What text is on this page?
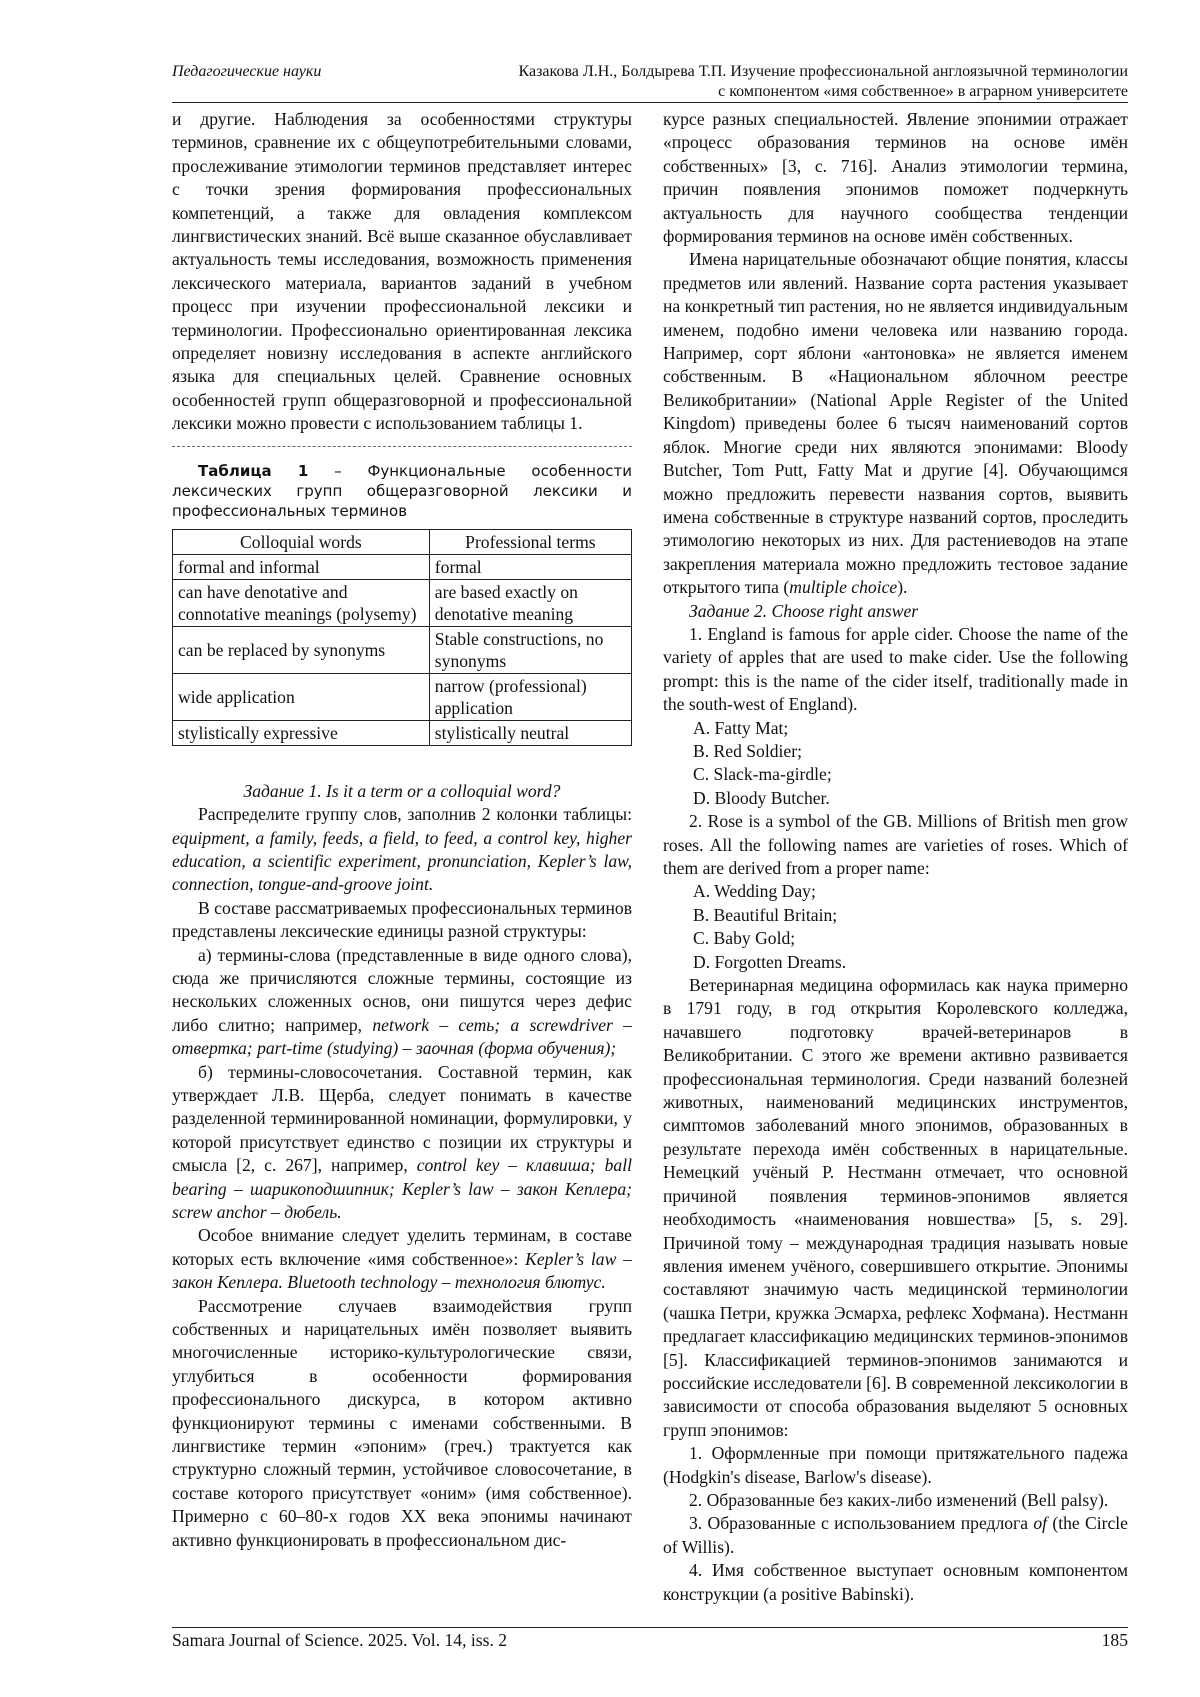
Педагогические науки	Казакова Л.Н., Болдырева Т.П. Изучение профессиональной англоязычной терминологии
с компонентом «имя собственное» в аграрном университете

и другие. Наблюдения за особенностями структуры терминов, сравнение их с общеупотребительными словами, прослеживание этимологии терминов представляет интерес с точки зрения формирования профессиональных компетенций, а также для овладения комплексом лингвистических знаний. Всё выше сказанное обуславливает актуальность темы исследования, возможность применения лексического материала, вариантов заданий в учебном процесс при изучении профессиональной лексики и терминологии. Профессионально ориентированная лексика определяет новизну исследования в аспекте английского языка для специальных целей. Сравнение основных особенностей групп общеразговорной и профессиональной лексики можно провести с использованием таблицы 1.

Таблица 1 – Функциональные особенности лексических групп общеразговорной лексики и профессиональных терминов

Colloquial words	Professional terms
formal and informal	formal
can have denotative and connotative meanings (polysemy)	are based exactly on denotative meaning
can be replaced by synonyms	Stable constructions, no synonyms
wide application	narrow (professional) application
stylistically expressive	stylistically neutral

Задание 1. Is it a term or a colloquial word?

Распределите группу слов, заполнив 2 колонки таблицы: equipment, a family, feeds, a field, to feed, a control key, higher education, a scientific experiment, pronunciation, Kepler’s law, connection, tongue-and-groove joint.

В составе рассматриваемых профессиональных терминов представлены лексические единицы разной структуры:

а) термины-слова (представленные в виде одного слова), сюда же причисляются сложные термины, состоящие из нескольких сложенных основ, они пишутся через дефис либо слитно; например, network – сеть; a screwdriver – отвертка; part-time (studying) – заочная (форма обучения);

б) термины-словосочетания. Составной термин, как утверждает Л.В. Щерба, следует понимать в качестве разделенной терминированной номинации, формулировки, у которой присутствует единство с позиции их структуры и смысла [2, с. 267], например, control key – клавиша; ball bearing – шарикоподшипник; Kepler’s law – закон Кеплера; screw anchor – дюбель.

Особое внимание следует уделить терминам, в составе которых есть включение «имя собственное»: Kepler’s law – закон Кеплера. Bluetooth technology – технология блютус.

Рассмотрение случаев взаимодействия групп собственных и нарицательных имён позволяет выявить многочисленные историко-культурологические связи, углубиться в особенности формирования профессионального дискурса, в котором активно функционируют термины с именами собственными. В лингвистике термин «эпоним» (греч.) трактуется как структурно сложный термин, устойчивое словосочетание, в составе которого присутствует «оним» (имя собственное). Примерно с 60–80-х годов XX века эпонимы начинают активно функционировать в профессиональном дис-

курсе разных специальностей. Явление эпонимии отражает «процесс образования терминов на основе имён собственных» [3, с. 716]. Анализ этимологии термина, причин появления эпонимов поможет подчеркнуть актуальность для научного сообщества тенденции формирования терминов на основе имён собственных.

Имена нарицательные обозначают общие понятия, классы предметов или явлений. Название сорта растения указывает на конкретный тип растения, но не является индивидуальным именем, подобно имени человека или названию города. Например, сорт яблони «антоновка» не является именем собственным. В «Национальном яблочном реестре Великобритании» (National Apple Register of the United Kingdom) приведены более 6 тысяч наименований сортов яблок. Многие среди них являются эпонимами: Bloody Butcher, Tom Putt, Fatty Mat и другие [4]. Обучающимся можно предложить перевести названия сортов, выявить имена собственные в структуре названий сортов, проследить этимологию некоторых из них. Для растениеводов на этапе закрепления материала можно предложить тестовое задание открытого типа (multiple choice).

Задание 2. Choose right answer

1. England is famous for apple cider. Choose the name of the variety of apples that are used to make cider. Use the following prompt: this is the name of the cider itself, traditionally made in the south-west of England).

A. Fatty Mat;

B. Red Soldier;

C. Slack-ma-girdle;

D. Bloody Butcher.

2. Rose is a symbol of the GB. Millions of British men grow roses. All the following names are varieties of roses. Which of them are derived from a proper name:

A. Wedding Day;

B. Beautiful Britain;

C. Baby Gold;

D. Forgotten Dreams.

Ветеринарная медицина оформилась как наука примерно в 1791 году, в год открытия Королевского колледжа, начавшего подготовку врачей-ветеринаров в Великобритании. С этого же времени активно развивается профессиональная терминология. Среди названий болезней животных, наименований медицинских инструментов, симптомов заболеваний много эпонимов, образованных в результате перехода имён собственных в нарицательные. Немецкий учёный Р. Нестманн отмечает, что основной причиной появления терминов-эпонимов является необходимость «наименования новшества» [5, s. 29]. Причиной тому – международная традиция называть новые явления именем учёного, совершившего открытие. Эпонимы составляют значимую часть медицинской терминологии (чашка Петри, кружка Эсмарха, рефлекс Хофмана). Нестманн предлагает классификацию медицинских терминов-эпонимов [5]. Классификацией терминов-эпонимов занимаются и российские исследователи [6]. В современной лексикологии в зависимости от способа образования выделяют 5 основных групп эпонимов:

1. Оформленные при помощи притяжательного падежа (Hodgkin's disease, Barlow's disease).

2. Образованные без каких-либо изменений (Bell palsy).

3. Образованные с использованием предлога of (the Circle of Willis).

4. Имя собственное выступает основным компонентом конструкции (a positive Babinski).

Samara Journal of Science. 2025. Vol. 14, iss. 2	185
